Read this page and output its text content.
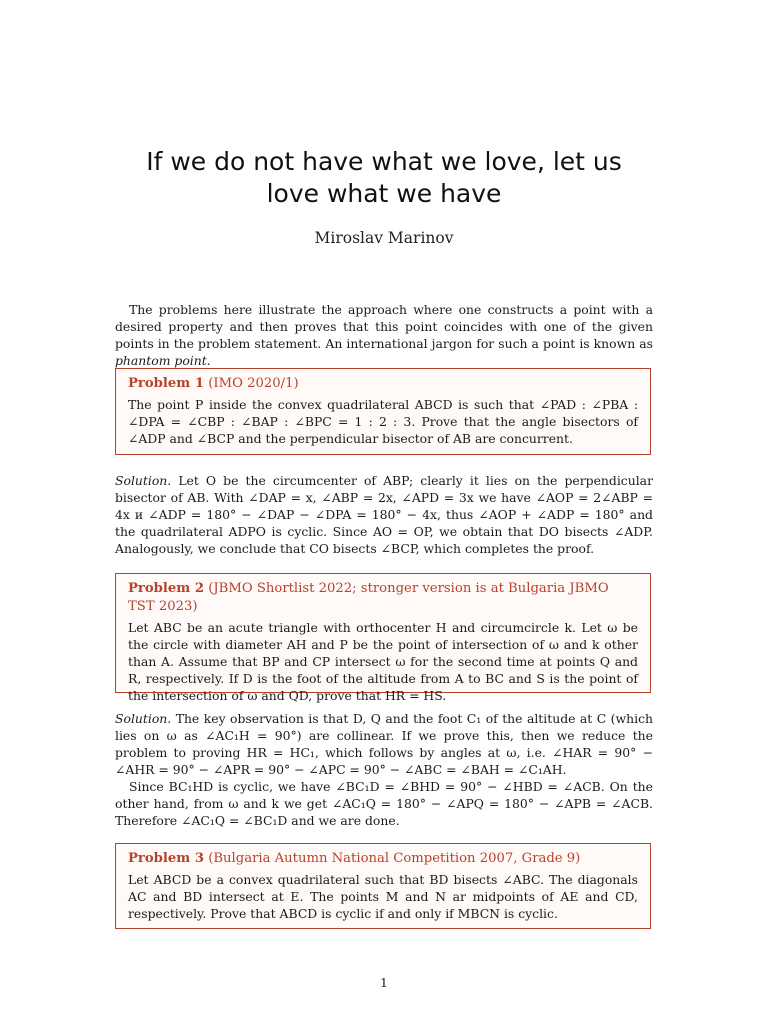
If we do not have what we love, let us
love what we have
Miroslav Marinov

The problems here illustrate the approach where one constructs a point with a desired property and then proves that this point coincides with one of the given points in the problem statement. An international jargon for such a point is known as phantom point.

Problem 1 (IMO 2020/1)
The point P inside the convex quadrilateral ABCD is such that ∠PAD : ∠PBA : ∠DPA = ∠CBP : ∠BAP : ∠BPC = 1 : 2 : 3. Prove that the angle bisectors of ∠ADP and ∠BCP and the perpendicular bisector of AB are concurrent.

Solution. Let O be the circumcenter of ABP; clearly it lies on the perpendicular bisector of AB. With ∠DAP = x, ∠ABP = 2x, ∠APD = 3x we have ∠AOP = 2∠ABP = 4x и ∠ADP = 180° − ∠DAP − ∠DPA = 180° − 4x, thus ∠AOP + ∠ADP = 180° and the quadrilateral ADPO is cyclic. Since AO = OP, we obtain that DO bisects ∠ADP. Analogously, we conclude that CO bisects ∠BCP, which completes the proof.

Problem 2 (JBMO Shortlist 2022; stronger version is at Bulgaria JBMO TST 2023)
Let ABC be an acute triangle with orthocenter H and circumcircle k. Let ω be the circle with diameter AH and P be the point of intersection of ω and k other than A. Assume that BP and CP intersect ω for the second time at points Q and R, respectively. If D is the foot of the altitude from A to BC and S is the point of the intersection of ω and QD, prove that HR = HS.

Solution. The key observation is that D, Q and the foot C₁ of the altitude at C (which lies on ω as ∠AC₁H = 90°) are collinear. If we prove this, then we reduce the problem to proving HR = HC₁, which follows by angles at ω, i.e. ∠HAR = 90° − ∠AHR = 90° − ∠APR = 90° − ∠APC = 90° − ∠ABC = ∠BAH = ∠C₁AH.

Since BC₁HD is cyclic, we have ∠BC₁D = ∠BHD = 90° − ∠HBD = ∠ACB. On the other hand, from ω and k we get ∠AC₁Q = 180° − ∠APQ = 180° − ∠APB = ∠ACB. Therefore ∠AC₁Q = ∠BC₁D and we are done.

Problem 3 (Bulgaria Autumn National Competition 2007, Grade 9)
Let ABCD be a convex quadrilateral such that BD bisects ∠ABC. The diagonals AC and BD intersect at E. The points M and N ar midpoints of AE and CD, respectively. Prove that ABCD is cyclic if and only if MBCN is cyclic.
1
